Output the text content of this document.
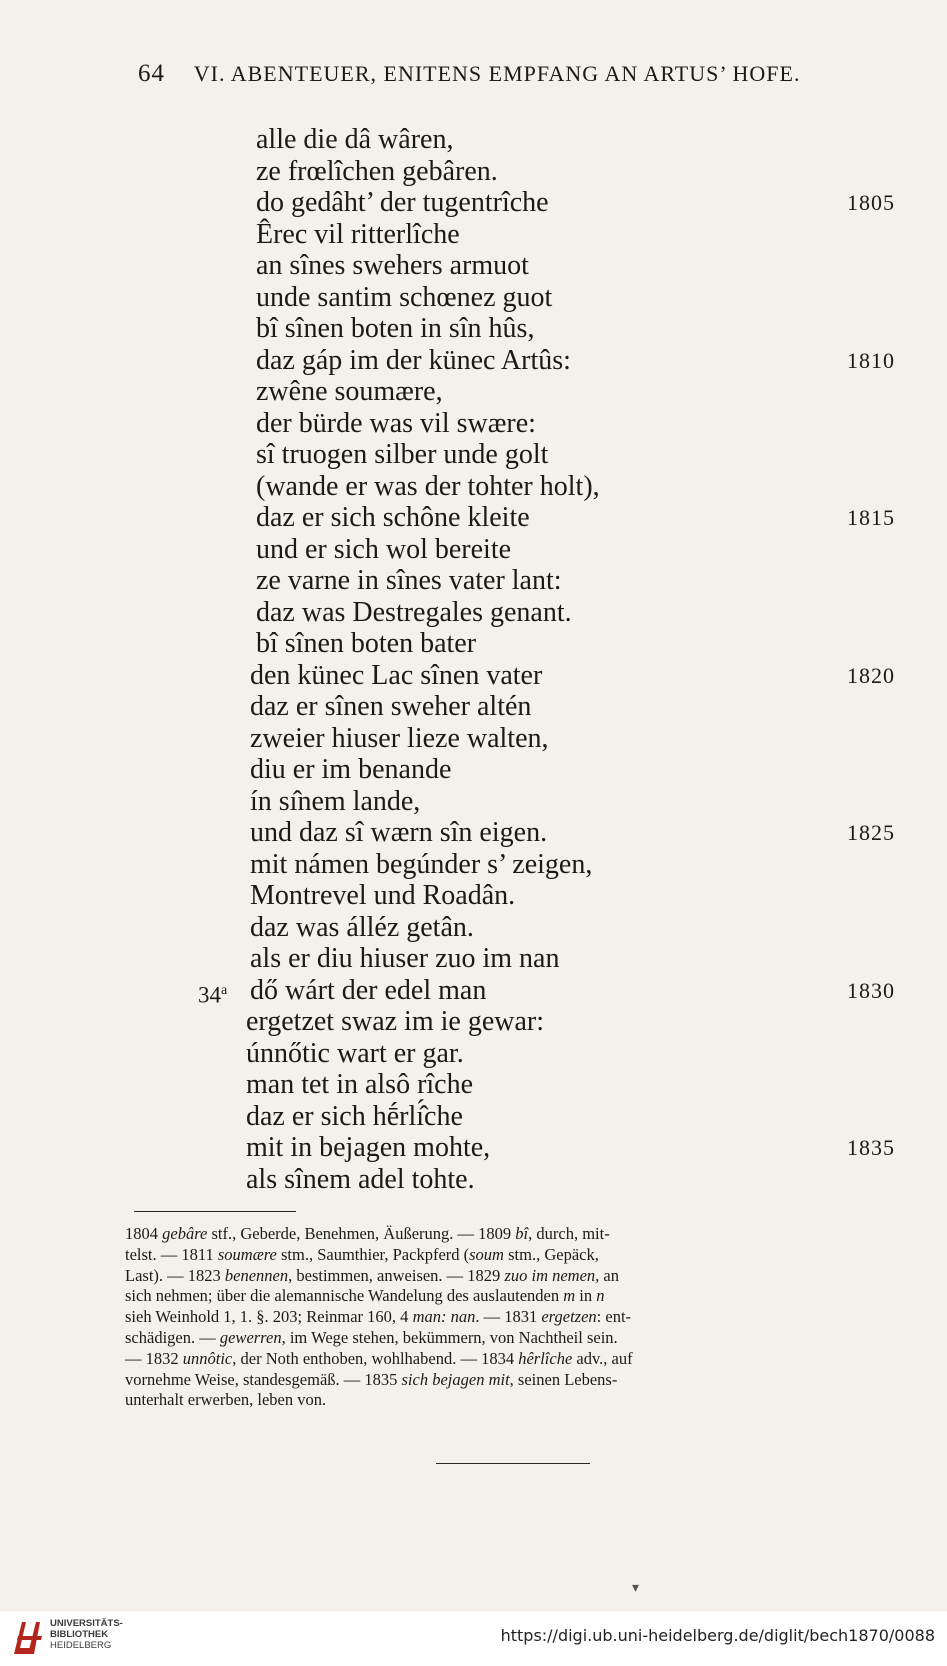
64 VI. ABENTEUER, ENITENS EMPFANG AN ARTUS’ HOFE.
alle die dâ wâren,
ze frœlîchen gebâren.
do gedâht’ der tugentrîche	1805
Êrec vil ritterlîche
an sînes swehers armuot
unde santim schœnez guot
bî sînen boten in sîn hûs,
daz gáp im der künec Artûs:	1810
zwêne soumære,
der bürde was vil swære:
sî truogen silber unde golt
(wande er was der tohter holt),
daz er sich schône kleite	1815
und er sich wol bereite
ze varne in sînes vater lant:
daz was Destregales genant.
bî sînen boten bater
den künec Lac sînen vater	1820
daz er sînen sweher altén
zweier hiuser lieze walten,
diu er im benande
ín sı̂nem lande,
und daz sî wærn sîn eigen.	1825
mit námen begúnder s’ zeigen,
Montrevel und Roadân.
daz was álléz getân.
als er diu hiuser zuo im nan
dő wárt der edel man
34$^a$	1830
ergetzet swaz im ie gewar:
únnőtic wart er gar.
man tet in alsô rîche
daz er sich hḗrlı̂́che
mit in bejagen mohte,	1835
als sînem adel tohte.
1804 gebâre stf., Geberde, Benehmen, Äußerung. — 1809 bî, durch, mit-
telst. — 1811 soumære stm., Saumthier, Packpferd (soum stm., Gepäck,
Last). — 1823 benennen, bestimmen, anweisen. — 1829 zuo im nemen, an
sich nehmen; über die alemannische Wandelung des auslautenden m in n
sieh Weinhold 1, 1. §. 203; Reinmar 160, 4 man: nan. — 1831 ergetzen: ent-
schädigen. — gewerren, im Wege stehen, bekümmern, von Nachtheil sein.
— 1832 unnôtic, der Noth enthoben, wohlhabend. — 1834 hêrlîche adv., auf
vornehme Weise, standesgemäß. — 1835 sich bejagen mit, seinen Lebens-
unterhalt erwerben, leben von.
▾
UNIVERSITÄTS-
BIBLIOTHEK
HEIDELBERG
https://digi.ub.uni-heidelberg.de/diglit/bech1870/0088
